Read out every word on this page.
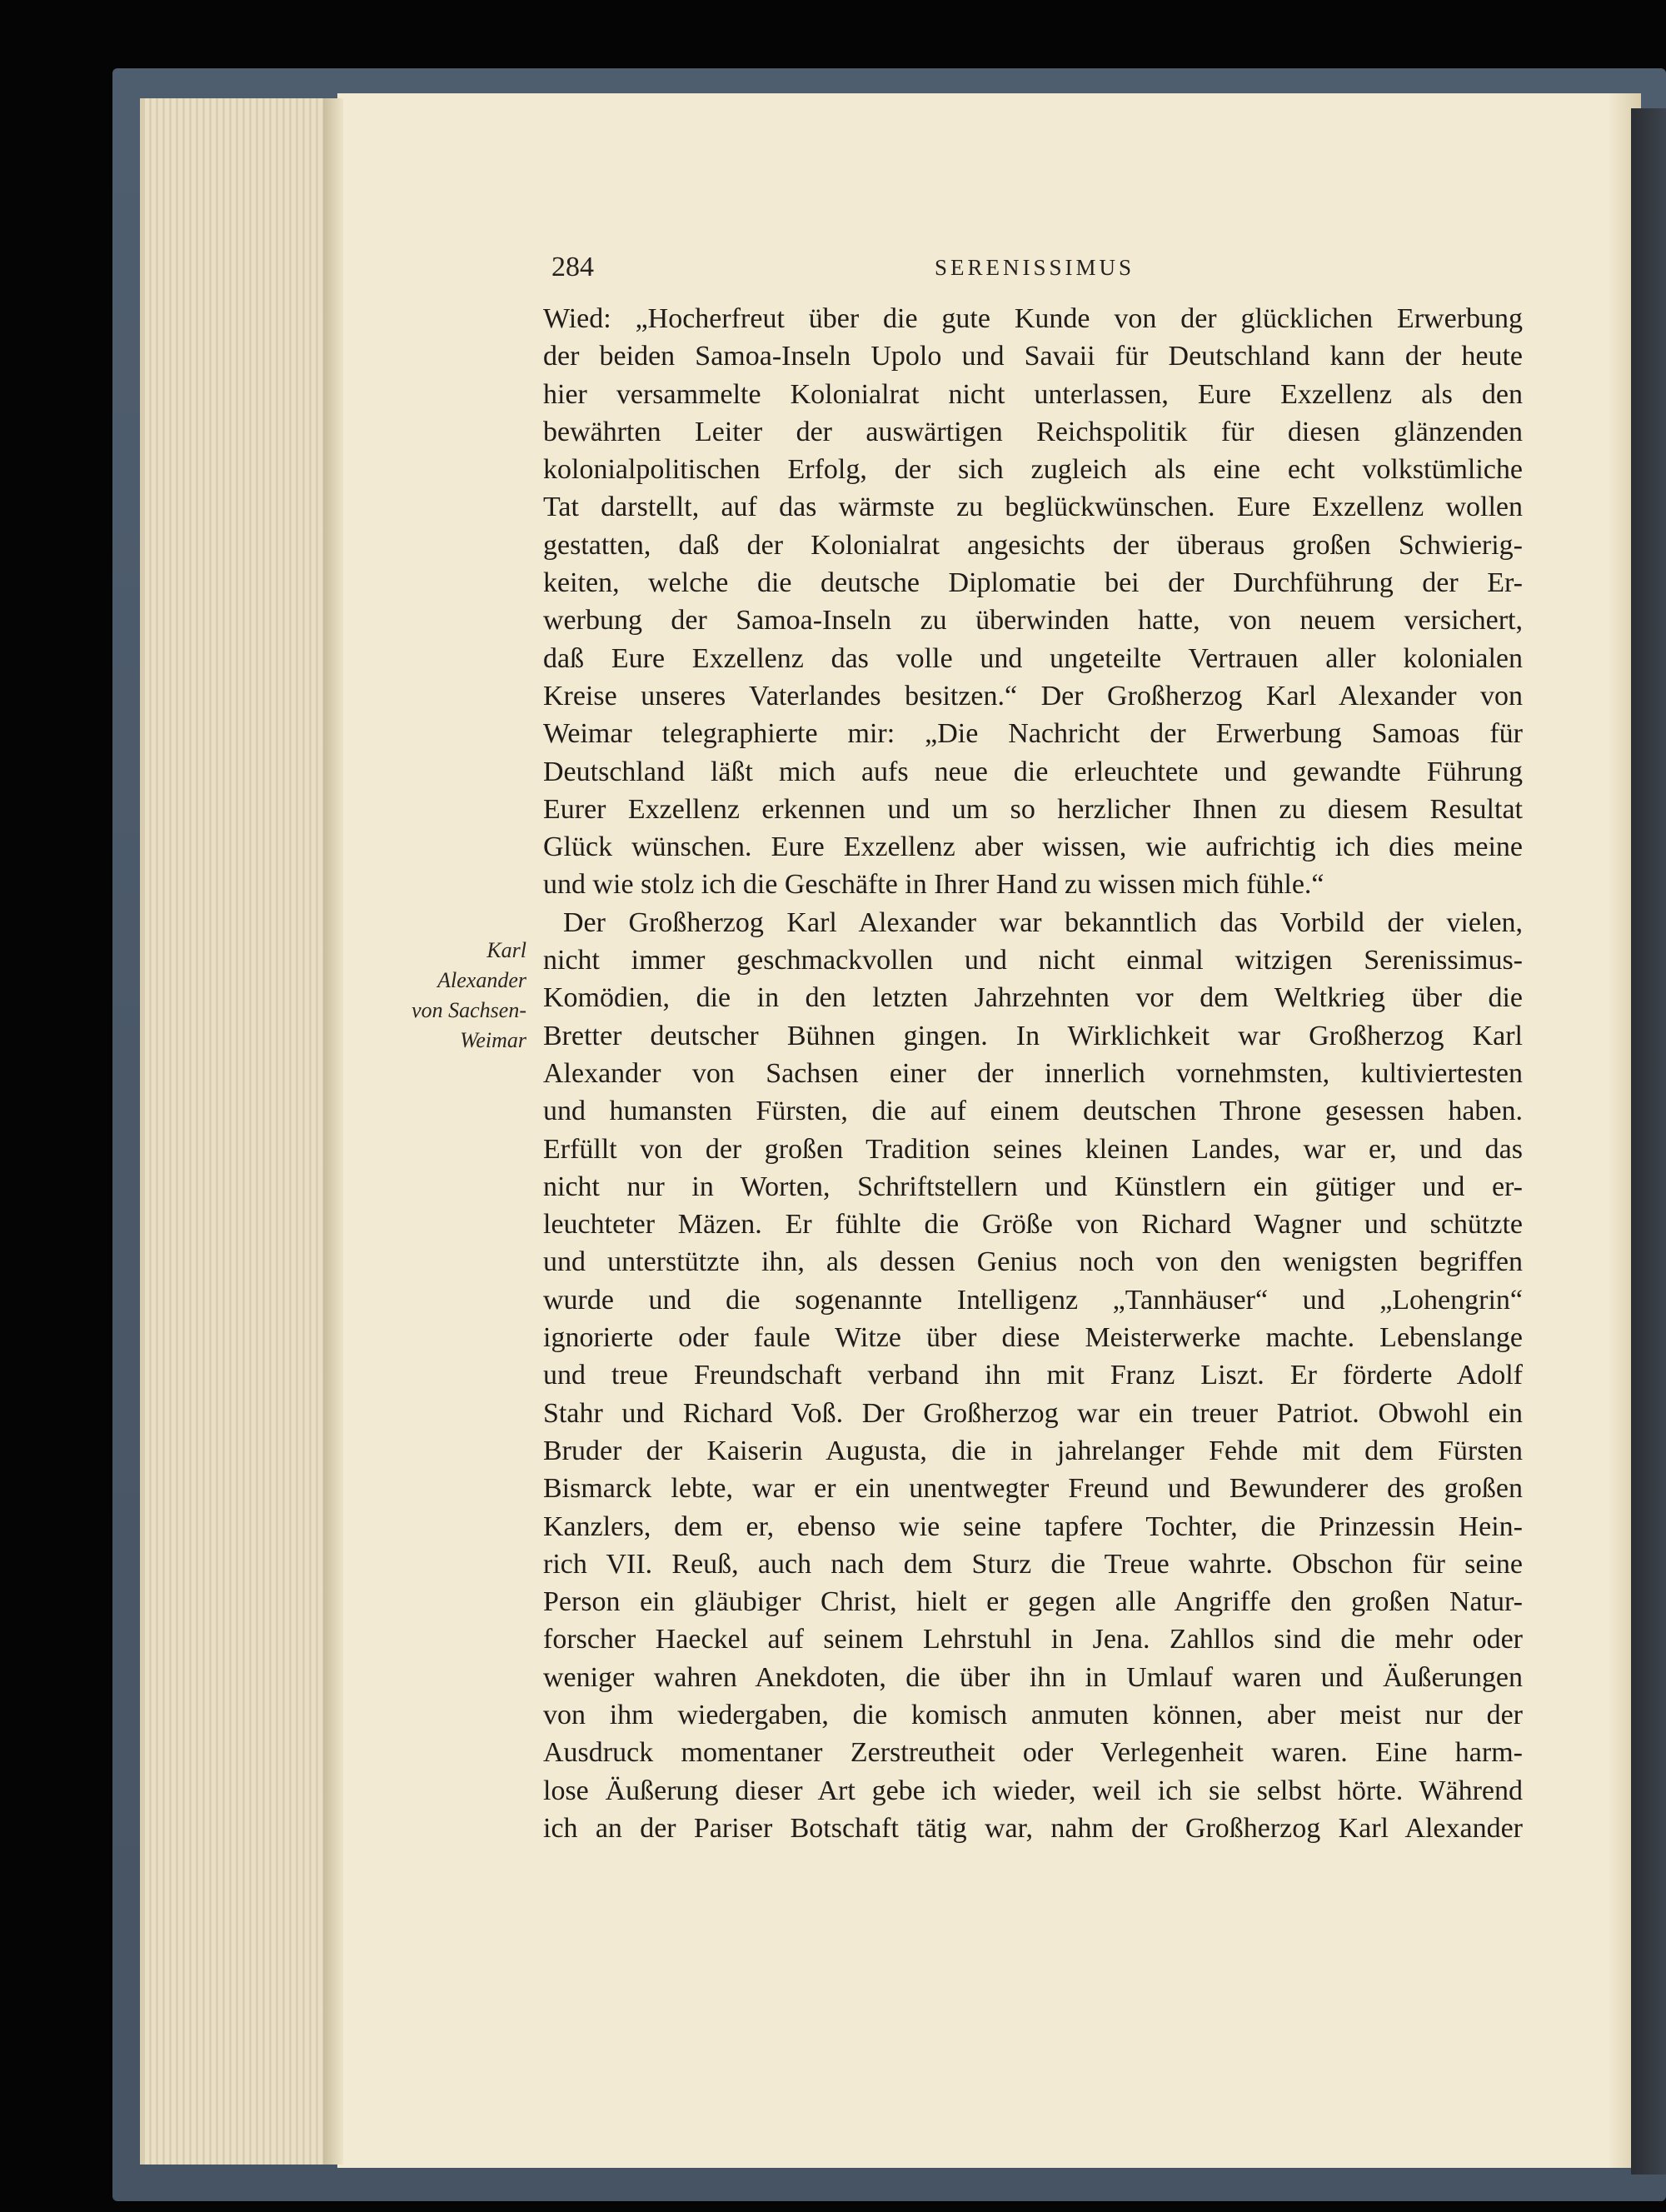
284	SERENISSIMUS
Karl
Alexander
von Sachsen-
Weimar
Wied: „Hocherfreut über die gute Kunde von der glücklichen Erwerbung
der beiden Samoa-Inseln Upolo und Savaii für Deutschland kann der heute
hier versammelte Kolonialrat nicht unterlassen, Eure Exzellenz als den
bewährten Leiter der auswärtigen Reichspolitik für diesen glänzenden
kolonialpolitischen Erfolg, der sich zugleich als eine echt volkstümliche
Tat darstellt, auf das wärmste zu beglückwünschen. Eure Exzellenz wollen
gestatten, daß der Kolonialrat angesichts der überaus großen Schwierig-
keiten, welche die deutsche Diplomatie bei der Durchführung der Er-
werbung der Samoa-Inseln zu überwinden hatte, von neuem versichert,
daß Eure Exzellenz das volle und ungeteilte Vertrauen aller kolonialen
Kreise unseres Vaterlandes besitzen.“ Der Großherzog Karl Alexander von
Weimar telegraphierte mir: „Die Nachricht der Erwerbung Samoas für
Deutschland läßt mich aufs neue die erleuchtete und gewandte Führung
Eurer Exzellenz erkennen und um so herzlicher Ihnen zu diesem Resultat
Glück wünschen. Eure Exzellenz aber wissen, wie aufrichtig ich dies meine
und wie stolz ich die Geschäfte in Ihrer Hand zu wissen mich fühle.“
Der Großherzog Karl Alexander war bekanntlich das Vorbild der vielen,
nicht immer geschmackvollen und nicht einmal witzigen Serenissimus-
Komödien, die in den letzten Jahrzehnten vor dem Weltkrieg über die
Bretter deutscher Bühnen gingen. In Wirklichkeit war Großherzog Karl
Alexander von Sachsen einer der innerlich vornehmsten, kultiviertesten
und humansten Fürsten, die auf einem deutschen Throne gesessen haben.
Erfüllt von der großen Tradition seines kleinen Landes, war er, und das
nicht nur in Worten, Schriftstellern und Künstlern ein gütiger und er-
leuchteter Mäzen. Er fühlte die Größe von Richard Wagner und schützte
und unterstützte ihn, als dessen Genius noch von den wenigsten begriffen
wurde und die sogenannte Intelligenz „Tannhäuser“ und „Lohengrin“
ignorierte oder faule Witze über diese Meisterwerke machte. Lebenslange
und treue Freundschaft verband ihn mit Franz Liszt. Er förderte Adolf
Stahr und Richard Voß. Der Großherzog war ein treuer Patriot. Obwohl ein
Bruder der Kaiserin Augusta, die in jahrelanger Fehde mit dem Fürsten
Bismarck lebte, war er ein unentwegter Freund und Bewunderer des großen
Kanzlers, dem er, ebenso wie seine tapfere Tochter, die Prinzessin Hein-
rich VII. Reuß, auch nach dem Sturz die Treue wahrte. Obschon für seine
Person ein gläubiger Christ, hielt er gegen alle Angriffe den großen Natur-
forscher Haeckel auf seinem Lehrstuhl in Jena. Zahllos sind die mehr oder
weniger wahren Anekdoten, die über ihn in Umlauf waren und Äußerungen
von ihm wiedergaben, die komisch anmuten können, aber meist nur der
Ausdruck momentaner Zerstreutheit oder Verlegenheit waren. Eine harm-
lose Äußerung dieser Art gebe ich wieder, weil ich sie selbst hörte. Während
ich an der Pariser Botschaft tätig war, nahm der Großherzog Karl Alexander
